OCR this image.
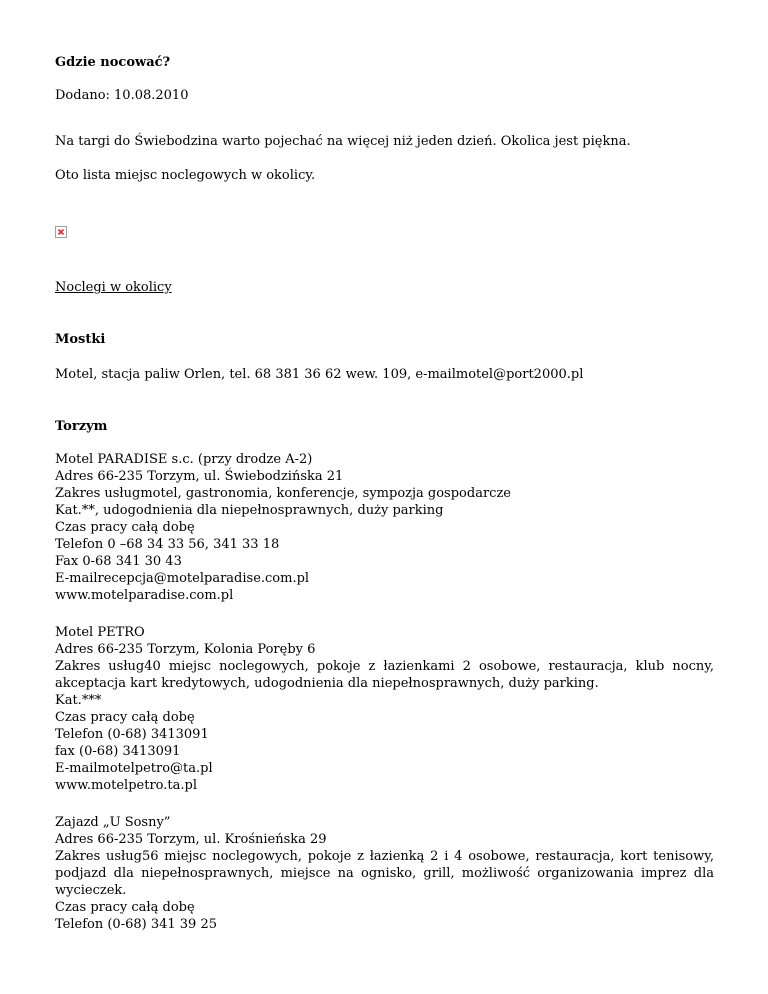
Gdzie nocować?
Dodano: 10.08.2010
Na targi do Świebodzina warto pojechać na więcej niż jeden dzień. Okolica jest piękna.
Oto lista miejsc noclegowych w okolicy.
Noclegi w okolicy
Mostki
Motel, stacja paliw Orlen, tel. 68 381 36 62 wew. 109, e-mailmotel@port2000.pl
Torzym
Motel PARADISE s.c. (przy drodze A-2)
Adres 66-235 Torzym, ul. Świebodzińska 21
Zakres usługmotel, gastronomia, konferencje, sympozja gospodarcze
Kat.**, udogodnienia dla niepełnosprawnych, duży parking
Czas pracy całą dobę
Telefon 0 –68 34 33 56, 341 33 18
Fax 0-68 341 30 43
E-mailrecepcja@motelparadise.com.pl
www.motelparadise.com.pl
Motel PETRO
Adres 66-235 Torzym, Kolonia Poręby 6
Zakres usług40 miejsc noclegowych, pokoje z łazienkami 2 osobowe, restauracja, klub nocny, akceptacja kart kredytowych, udogodnienia dla niepełnosprawnych, duży parking.
Kat.***
Czas pracy całą dobę
Telefon (0-68) 3413091
fax (0-68) 3413091
E-mailmotelpetro@ta.pl
www.motelpetro.ta.pl
Zajazd „U Sosny”
Adres 66-235 Torzym, ul. Krośnieńska 29
Zakres usług56 miejsc noclegowych, pokoje z łazienką 2 i 4 osobowe, restauracja, kort tenisowy, podjazd dla niepełnosprawnych, miejsce na ognisko, grill, możliwość organizowania imprez dla wycieczek.
Czas pracy całą dobę
Telefon (0-68) 341 39 25
